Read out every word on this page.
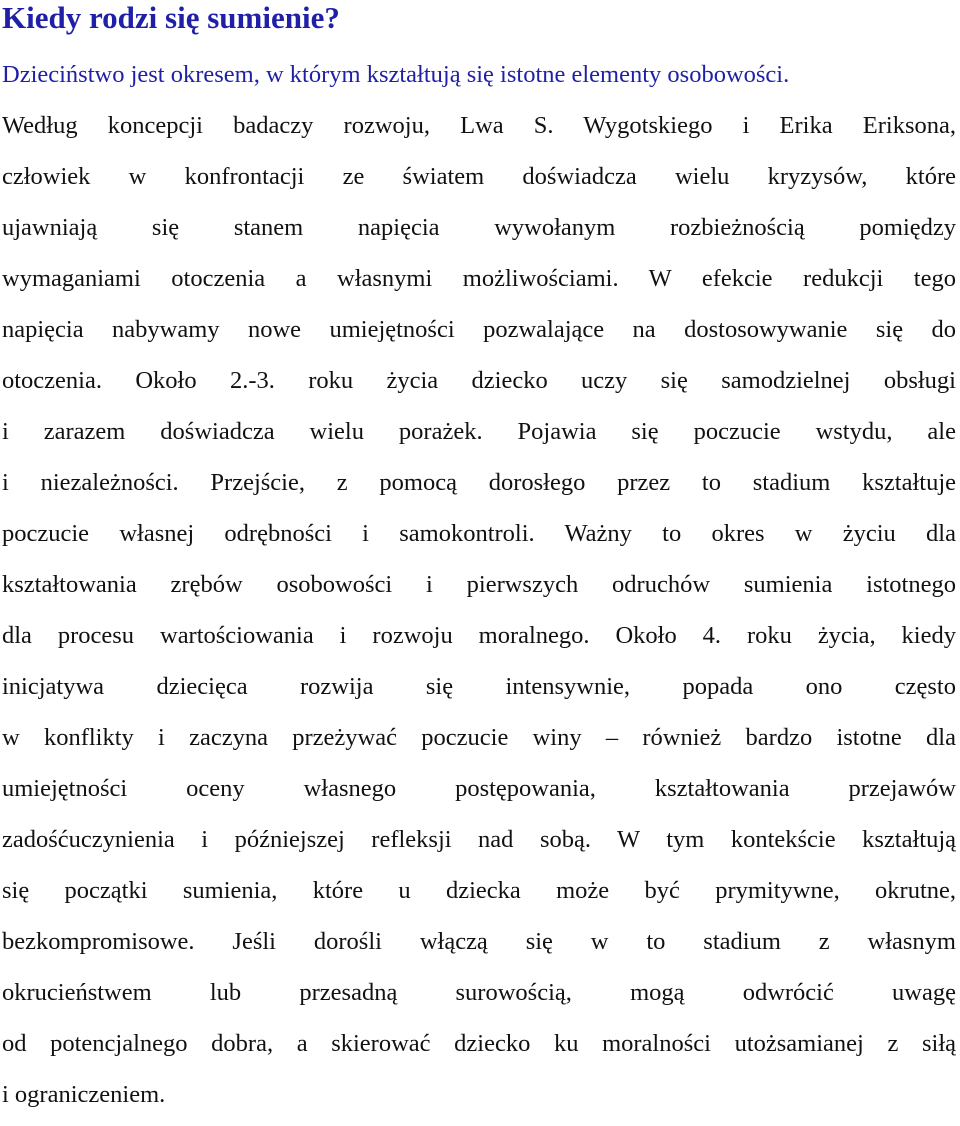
Kiedy rodzi się sumienie?
Dzieciństwo jest okresem, w którym kształtują się istotne elementy osobowości.
Według koncepcji badaczy rozwoju, Lwa S. Wygotskiego i Erika Eriksona,
człowiek w konfrontacji ze światem doświadcza wielu kryzysów, które
ujawniają się stanem napięcia wywołanym rozbieżnością pomiędzy
wymaganiami otoczenia a własnymi możliwościami. W efekcie redukcji tego
napięcia nabywamy nowe umiejętności pozwalające na dostosowywanie się do
otoczenia. Około 2.-3. roku życia dziecko uczy się samodzielnej obsługi
i zarazem doświadcza wielu porażek. Pojawia się poczucie wstydu, ale
i niezależności. Przejście, z pomocą dorosłego przez to stadium kształtuje
poczucie własnej odrębności i samokontroli. Ważny to okres w życiu dla
kształtowania zrębów osobowości i pierwszych odruchów sumienia istotnego
dla procesu wartościowania i rozwoju moralnego. Około 4. roku życia, kiedy
inicjatywa dziecięca rozwija się intensywnie, popada ono często
w konflikty i zaczyna przeżywać poczucie winy – również bardzo istotne dla
umiejętności oceny własnego postępowania, kształtowania przejawów
zadośćuczynienia i późniejszej refleksji nad sobą. W tym kontekście kształtują
się początki sumienia, które u dziecka może być prymitywne, okrutne,
bezkompromisowe. Jeśli dorośli włączą się w to stadium z własnym
okrucieństwem lub przesadną surowością, mogą odwrócić uwagę
od potencjalnego dobra, a skierować dziecko ku moralności utożsamianej z siłą
i ograniczeniem.
